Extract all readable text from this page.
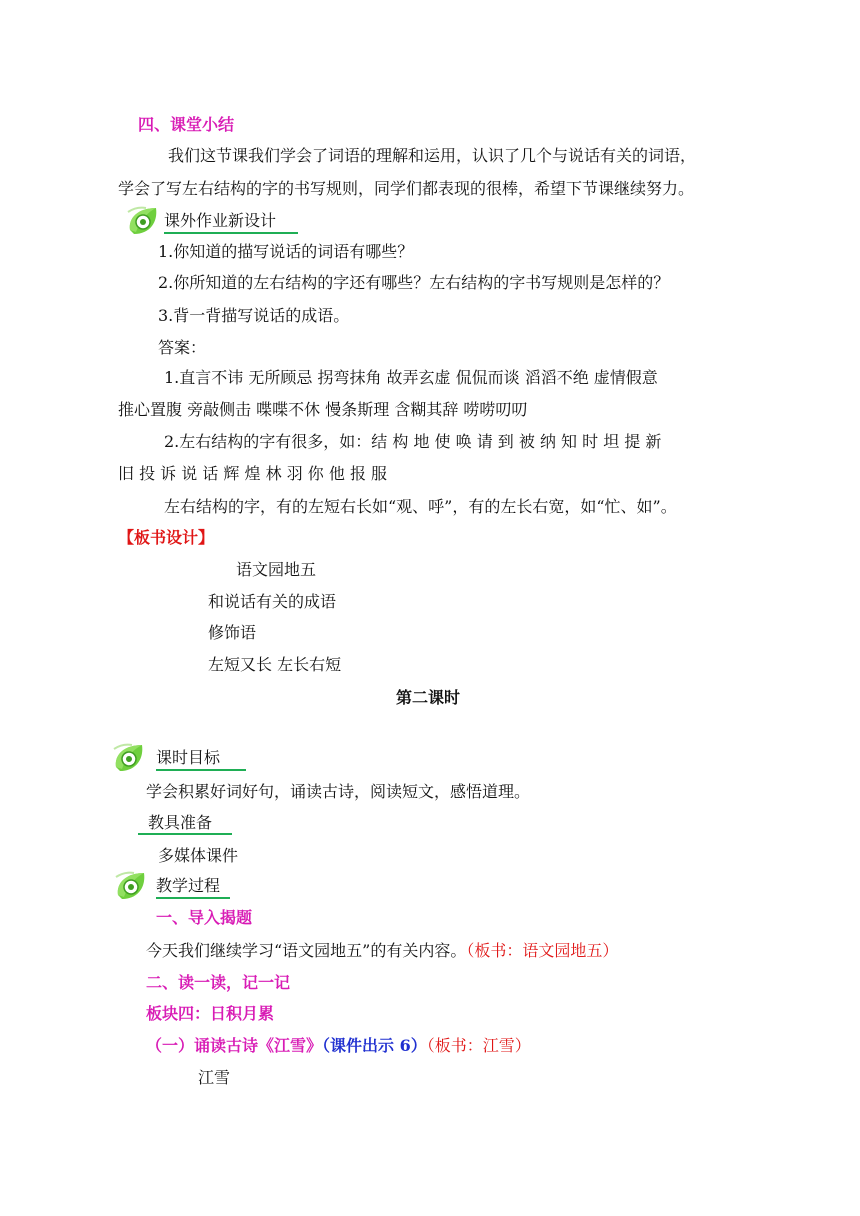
四、课堂小结
我们这节课我们学会了词语的理解和运用，认识了几个与说话有关的词语，
学会了写左右结构的字的书写规则，同学们都表现的很棒，希望下节课继续努力。
课外作业新设计
1.你知道的描写说话的词语有哪些？
2.你所知道的左右结构的字还有哪些？左右结构的字书写规则是怎样的？
3.背一背描写说话的成语。
答案：
1.直言不讳 无所顾忌 拐弯抹角 故弄玄虚 侃侃而谈 滔滔不绝 虚情假意
推心置腹 旁敲侧击 喋喋不休 慢条斯理 含糊其辞 唠唠叨叨
2.左右结构的字有很多，如：结 构 地 使 唤 请 到 被 纳 知 时 坦 提 新
旧 投 诉 说 话 辉 煌 林 羽 你 他 报 服
左右结构的字，有的左短右长如“观、呼”，有的左长右宽，如“忙、如”。
【板书设计】
语文园地五
和说话有关的成语
修饰语
左短又长 左长右短
第二课时
课时目标
学会积累好词好句，诵读古诗，阅读短文，感悟道理。
教具准备
多媒体课件
教学过程
一、导入揭题
今天我们继续学习“语文园地五”的有关内容。（板书：语文园地五）
二、读一读，记一记
板块四：日积月累
（一）诵读古诗《江雪》（课件出示 6）（板书：江雪）
江雪
